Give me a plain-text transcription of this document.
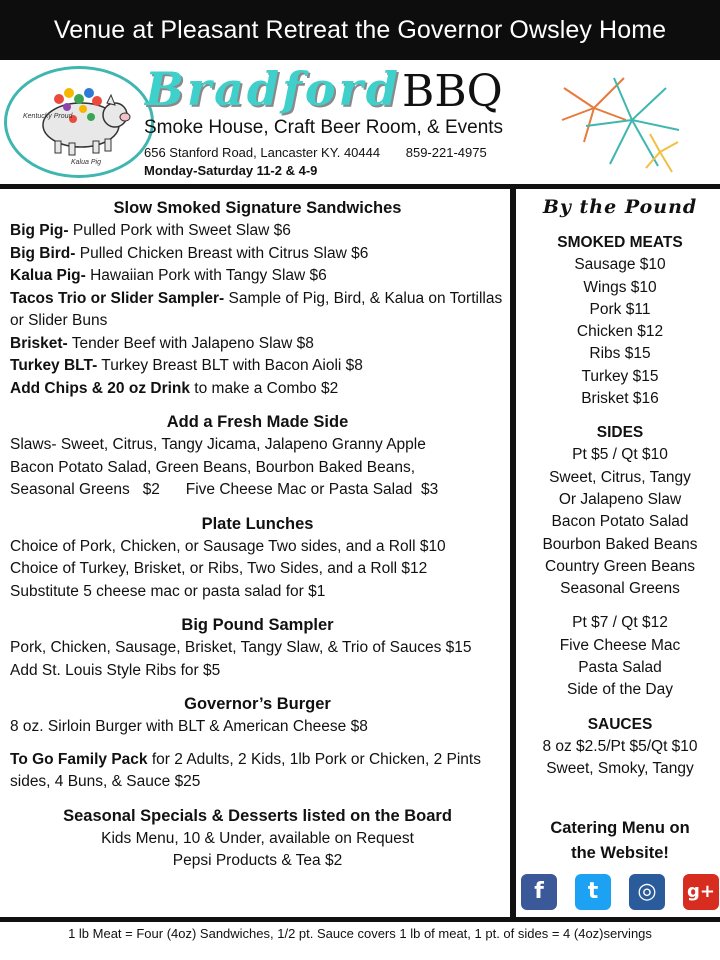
Venue at Pleasant Retreat the Governor Owsley Home
Kentucky Proud
Kalua Pig
Bradford BBQ
Smoke House, Craft Beer Room, & Events
656 Stanford Road, Lancaster KY. 40444 859-221-4975
Monday-Saturday 11-2 & 4-9
Slow Smoked Signature Sandwiches

Big Pig- Pulled Pork with Sweet Slaw $6

Big Bird- Pulled Chicken Breast with Citrus Slaw $6

Kalua Pig- Hawaiian Pork with Tangy Slaw $6

Tacos Trio or Slider Sampler- Sample of Pig, Bird, & Kalua on Tortillas or Slider Buns

Brisket- Tender Beef with Jalapeno Slaw $8

Turkey BLT- Turkey Breast BLT with Bacon Aioli $8

Add Chips & 20 oz Drink to make a Combo $2

Add a Fresh Made Side

Slaws- Sweet, Citrus, Tangy Jicama, Jalapeno Granny Apple

Bacon Potato Salad, Green Beans, Bourbon Baked Beans,

Seasonal Greens   $2      Five Cheese Mac or Pasta Salad  $3

Plate Lunches

Choice of Pork, Chicken, or Sausage Two sides, and a Roll $10

Choice of Turkey, Brisket, or Ribs, Two Sides, and a Roll $12

Substitute 5 cheese mac or pasta salad for $1

Big Pound Sampler

Pork, Chicken, Sausage, Brisket, Tangy Slaw, & Trio of Sauces $15

Add St. Louis Style Ribs for $5

Governor’s Burger

8 oz. Sirloin Burger with BLT & American Cheese $8

To Go Family Pack for 2 Adults, 2 Kids, 1lb Pork or Chicken, 2 Pints sides, 4 Buns, & Sauce $25

Seasonal Specials & Desserts listed on the Board

Kids Menu, 10 & Under, available on Request

Pepsi Products & Tea $2

By the Pound
SMOKED MEATS

Sausage $10

Wings $10

Pork $11

Chicken $12

Ribs $15

Turkey $15

Brisket $16

SIDES

Pt $5 / Qt $10

Sweet, Citrus, Tangy

Or Jalapeno Slaw

Bacon Potato Salad

Bourbon Baked Beans

Country Green Beans

Seasonal Greens

Pt $7 / Qt $12

Five Cheese Mac

Pasta Salad

Side of the Day

SAUCES

8 oz $2.5/Pt $5/Qt $10

Sweet, Smoky, Tangy

Catering Menu on
the Website!
f	t	◎	g+
1 lb Meat = Four (4oz) Sandwiches, 1/2 pt. Sauce covers 1 lb of meat, 1 pt. of sides = 4 (4oz)servings
